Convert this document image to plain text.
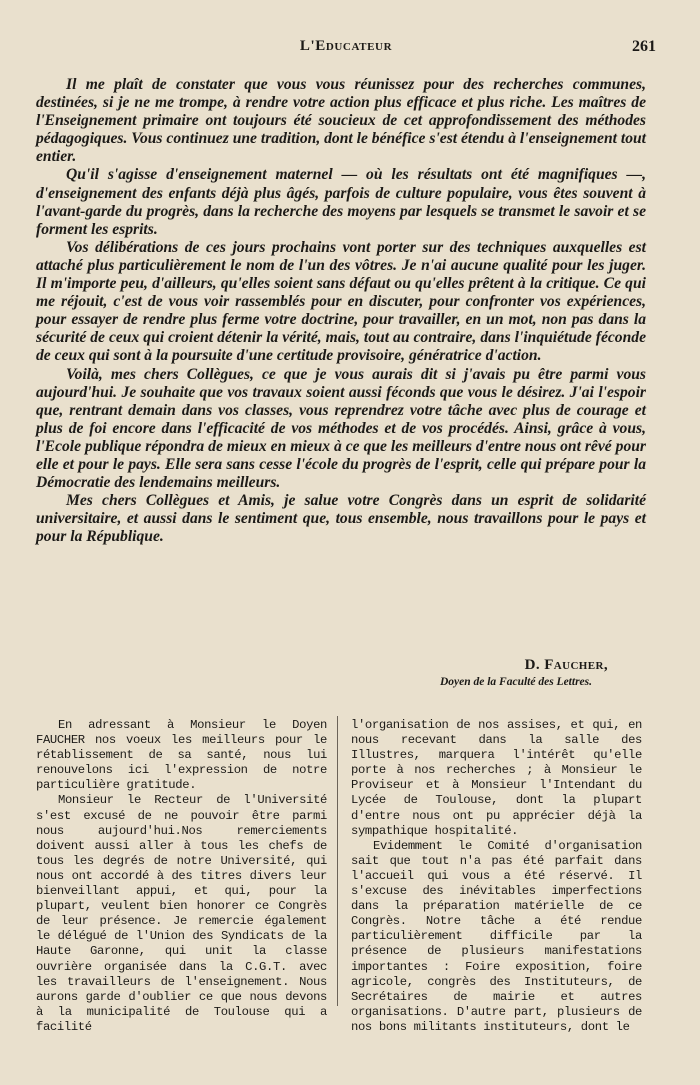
L'Educateur	261

Il me plaît de constater que vous vous réunissez pour des recherches communes, destinées, si je ne me trompe, à rendre votre action plus efficace et plus riche. Les maîtres de l'Enseignement primaire ont toujours été soucieux de cet approfondissement des méthodes pédagogiques. Vous continuez une tradition, dont le bénéfice s'est étendu à l'enseignement tout entier.

Qu'il s'agisse d'enseignement maternel — où les résultats ont été magnifiques —, d'enseignement des enfants déjà plus âgés, parfois de culture populaire, vous êtes souvent à l'avant-garde du progrès, dans la recherche des moyens par lesquels se transmet le savoir et se forment les esprits.

Vos délibérations de ces jours prochains vont porter sur des techniques auxquelles est attaché plus particulièrement le nom de l'un des vôtres. Je n'ai aucune qualité pour les juger. Il m'importe peu, d'ailleurs, qu'elles soient sans défaut ou qu'elles prêtent à la critique. Ce qui me réjouit, c'est de vous voir rassemblés pour en discuter, pour confronter vos expériences, pour essayer de rendre plus ferme votre doctrine, pour travailler, en un mot, non pas dans la sécurité de ceux qui croient détenir la vérité, mais, tout au contraire, dans l'inquiétude féconde de ceux qui sont à la poursuite d'une certitude provisoire, génératrice d'action.

Voilà, mes chers Collègues, ce que je vous aurais dit si j'avais pu être parmi vous aujourd'hui. Je souhaite que vos travaux soient aussi féconds que vous le désirez. J'ai l'espoir que, rentrant demain dans vos classes, vous reprendrez votre tâche avec plus de courage et plus de foi encore dans l'efficacité de vos méthodes et de vos procédés. Ainsi, grâce à vous, l'Ecole publique répondra de mieux en mieux à ce que les meilleurs d'entre nous ont rêvé pour elle et pour le pays. Elle sera sans cesse l'école du progrès de l'esprit, celle qui prépare pour la Démocratie des lendemains meilleurs.

Mes chers Collègues et Amis, je salue votre Congrès dans un esprit de solidarité universitaire, et aussi dans le sentiment que, tous ensemble, nous travaillons pour le pays et pour la République.

D. Faucher,
Doyen de la Faculté des Lettres.

En adressant à Monsieur le Doyen FAUCHER nos voeux les meilleurs pour le rétablissement de sa santé, nous lui renouvelons ici l'expression de notre particulière gratitude.

Monsieur le Recteur de l'Université s'est excusé de ne pouvoir être parmi nous aujourd'hui.Nos remerciements doivent aussi aller à tous les chefs de tous les degrés de notre Université, qui nous ont accordé à des titres divers leur bienveillant appui, et qui, pour la plupart, veulent bien honorer ce Congrès de leur présence. Je remercie également le délégué de l'Union des Syndicats de la Haute Garonne, qui unit la classe ouvrière organisée dans la C.G.T. avec les travailleurs de l'enseignement. Nous aurons garde d'oublier ce que nous devons à la municipalité de Toulouse qui a facilité

l'organisation de nos assises, et qui, en nous recevant dans la salle des Illustres, marquera l'intérêt qu'elle porte à nos recherches ; à Monsieur le Proviseur et à Monsieur l'Intendant du Lycée de Toulouse, dont la plupart d'entre nous ont pu apprécier déjà la sympathique hospitalité.

Evidemment le Comité d'organisation sait que tout n'a pas été parfait dans l'accueil qui vous a été réservé. Il s'excuse des inévitables imperfections dans la préparation matérielle de ce Congrès. Notre tâche a été rendue particulièrement difficile par la présence de plusieurs manifestations importantes : Foire exposition, foire agricole, congrès des Instituteurs, de Secrétaires de mairie et autres organisations. D'autre part, plusieurs de nos bons militants instituteurs, dont le
